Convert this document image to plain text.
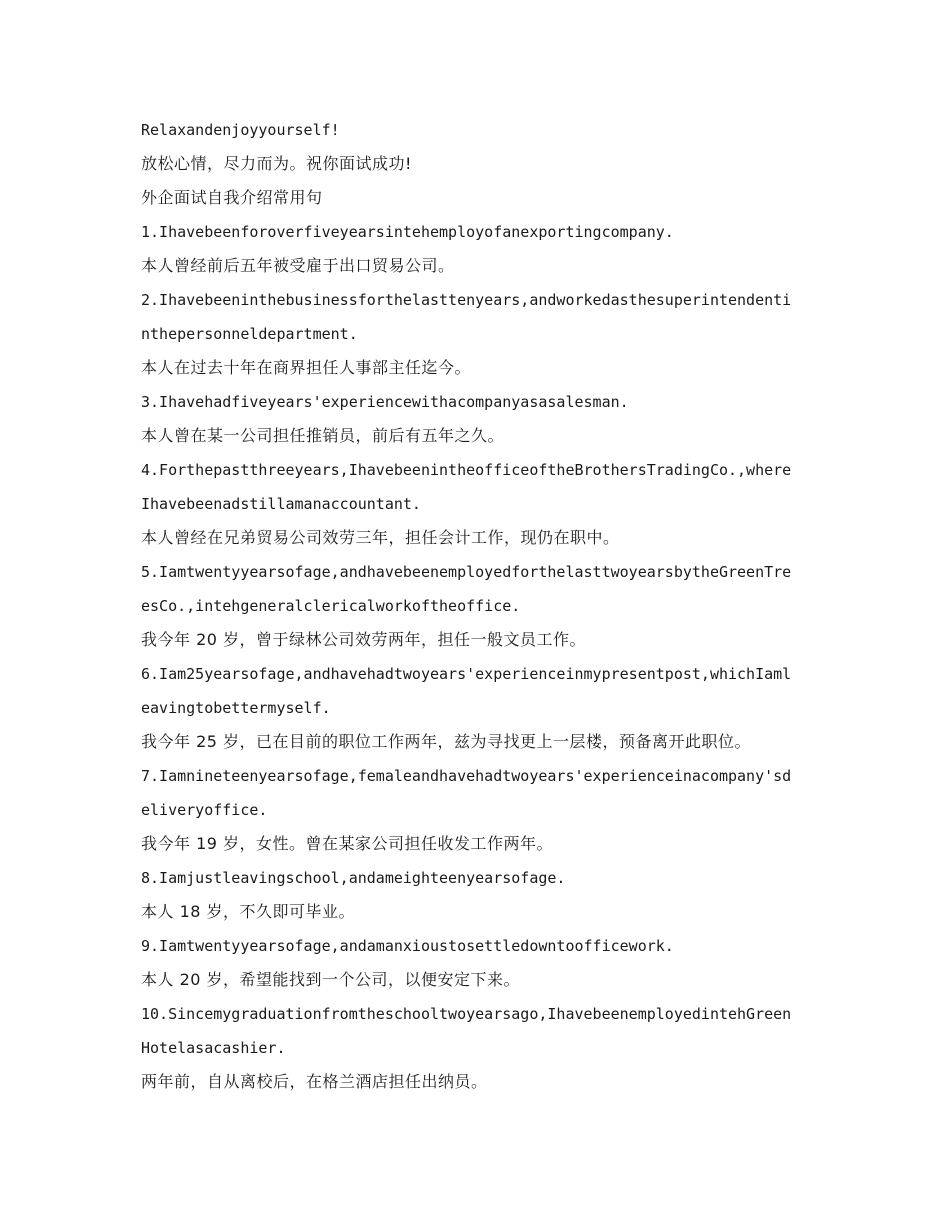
Relaxandenjoyyourself!
放松心情，尽力而为。祝你面试成功!
外企面试自我介绍常用句
1.Ihavebeenforoverfiveyearsintehemployofanexportingcompany.
本人曾经前后五年被受雇于出口贸易公司。
2.Ihavebeeninthebusinessforthelasttenyears,andworkedasthesuperintendenti
nthepersonneldepartment.
本人在过去十年在商界担任人事部主任迄今。
3.Ihavehadfiveyears'experiencewithacompanyasasalesman.
本人曾在某一公司担任推销员，前后有五年之久。
4.Forthepastthreeyears,IhavebeenintheofficeoftheBrothersTradingCo.,where
Ihavebeenadstillamanaccountant.
本人曾经在兄弟贸易公司效劳三年，担任会计工作，现仍在职中。
5.Iamtwentyyearsofage,andhavebeenemployedforthelasttwoyearsbytheGreenTre
esCo.,intehgeneralclericalworkoftheoffice.
我今年 20 岁，曾于绿林公司效劳两年，担任一般文员工作。
6.Iam25yearsofage,andhavehadtwoyears'experienceinmypresentpost,whichIaml
eavingtobettermyself.
我今年 25 岁，已在目前的职位工作两年，兹为寻找更上一层楼，预备离开此职位。
7.Iamnineteenyearsofage,femaleandhavehadtwoyears'experienceinacompany'sd
eliveryoffice.
我今年 19 岁，女性。曾在某家公司担任收发工作两年。
8.Iamjustleavingschool,andameighteenyearsofage.
本人 18 岁，不久即可毕业。
9.Iamtwentyyearsofage,andamanxioustosettledowntoofficework.
本人 20 岁，希望能找到一个公司，以便安定下来。
10.Sincemygraduationfromtheschooltwoyearsago,IhavebeenemployedintehGreen
Hotelasacashier.
两年前，自从离校后，在格兰酒店担任出纳员。
